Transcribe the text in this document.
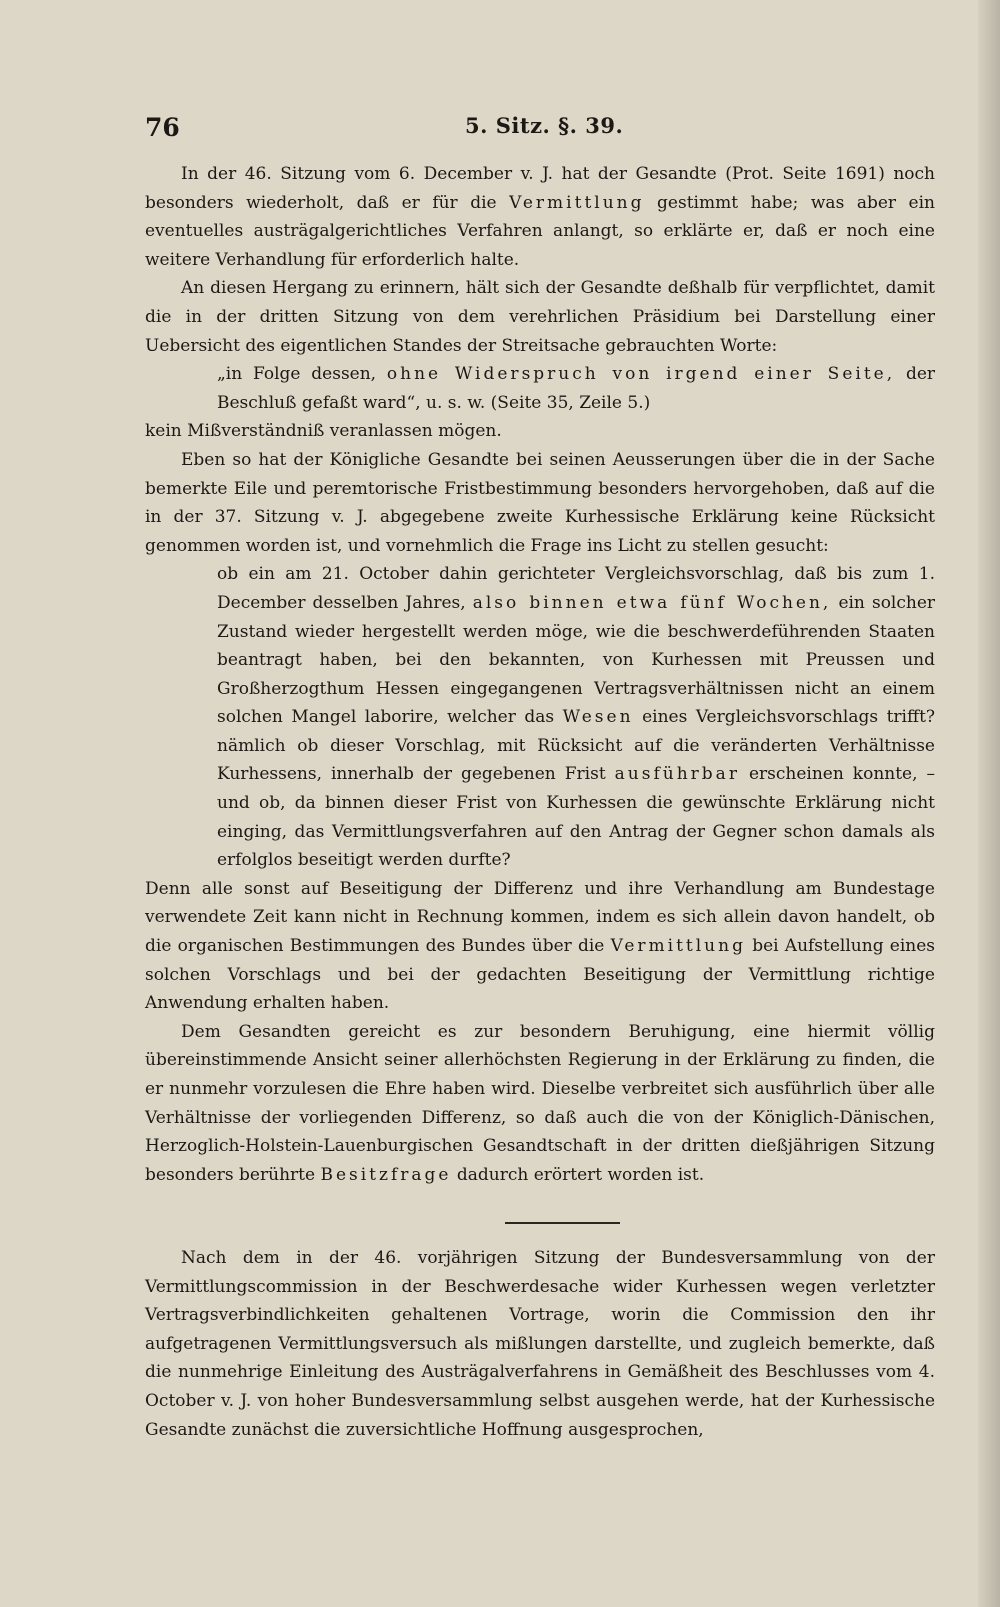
76	5. Sitz. §. 39.

In der 46. Sitzung vom 6. December v. J. hat der Gesandte (Prot. Seite 1691) noch besonders wiederholt, daß er für die Vermittlung gestimmt habe; was aber ein eventuelles austrägalgerichtliches Verfahren anlangt, so erklärte er, daß er noch eine weitere Verhandlung für erforderlich halte.

An diesen Hergang zu erinnern, hält sich der Gesandte deßhalb für verpflichtet, damit die in der dritten Sitzung von dem verehrlichen Präsidium bei Darstellung einer Uebersicht des eigentlichen Standes der Streitsache gebrauchten Worte:

„in Folge dessen, ohne Widerspruch von irgend einer Seite, der Beschluß gefaßt ward“, u. s. w. (Seite 35, Zeile 5.)

kein Mißverständniß veranlassen mögen.

Eben so hat der Königliche Gesandte bei seinen Aeusserungen über die in der Sache bemerkte Eile und peremtorische Fristbestimmung besonders hervorgehoben, daß auf die in der 37. Sitzung v. J. abgegebene zweite Kurhessische Erklärung keine Rücksicht genommen worden ist, und vornehmlich die Frage ins Licht zu stellen gesucht:

ob ein am 21. October dahin gerichteter Vergleichsvorschlag, daß bis zum 1. December desselben Jahres, also binnen etwa fünf Wochen, ein solcher Zustand wieder hergestellt werden möge, wie die beschwerdeführenden Staaten beantragt haben, bei den bekannten, von Kurhessen mit Preussen und Großherzogthum Hessen eingegangenen Vertragsverhältnissen nicht an einem solchen Mangel laborire, welcher das Wesen eines Vergleichsvorschlags trifft? nämlich ob dieser Vorschlag, mit Rücksicht auf die veränderten Verhältnisse Kurhessens, innerhalb der gegebenen Frist ausführbar erscheinen konnte, – und ob, da binnen dieser Frist von Kurhessen die gewünschte Erklärung nicht einging, das Vermittlungsverfahren auf den Antrag der Gegner schon damals als erfolglos beseitigt werden durfte?

Denn alle sonst auf Beseitigung der Differenz und ihre Verhandlung am Bundestage verwendete Zeit kann nicht in Rechnung kommen, indem es sich allein davon handelt, ob die organischen Bestimmungen des Bundes über die Vermittlung bei Aufstellung eines solchen Vorschlags und bei der gedachten Beseitigung der Vermittlung richtige Anwendung erhalten haben.

Dem Gesandten gereicht es zur besondern Beruhigung, eine hiermit völlig übereinstimmende Ansicht seiner allerhöchsten Regierung in der Erklärung zu finden, die er nunmehr vorzulesen die Ehre haben wird. Dieselbe verbreitet sich ausführlich über alle Verhältnisse der vorliegenden Differenz, so daß auch die von der Königlich-Dänischen, Herzoglich-Holstein-Lauenburgischen Gesandtschaft in der dritten dießjährigen Sitzung besonders berührte Besitzfrage dadurch erörtert worden ist.

Nach dem in der 46. vorjährigen Sitzung der Bundesversammlung von der Vermittlungscommission in der Beschwerdesache wider Kurhessen wegen verletzter Vertragsverbindlichkeiten gehaltenen Vortrage, worin die Commission den ihr aufgetragenen Vermittlungsversuch als mißlungen darstellte, und zugleich bemerkte, daß die nunmehrige Einleitung des Austrägalverfahrens in Gemäßheit des Beschlusses vom 4. October v. J. von hoher Bundesversammlung selbst ausgehen werde, hat der Kurhessische Gesandte zunächst die zuversichtliche Hoffnung ausgesprochen,
